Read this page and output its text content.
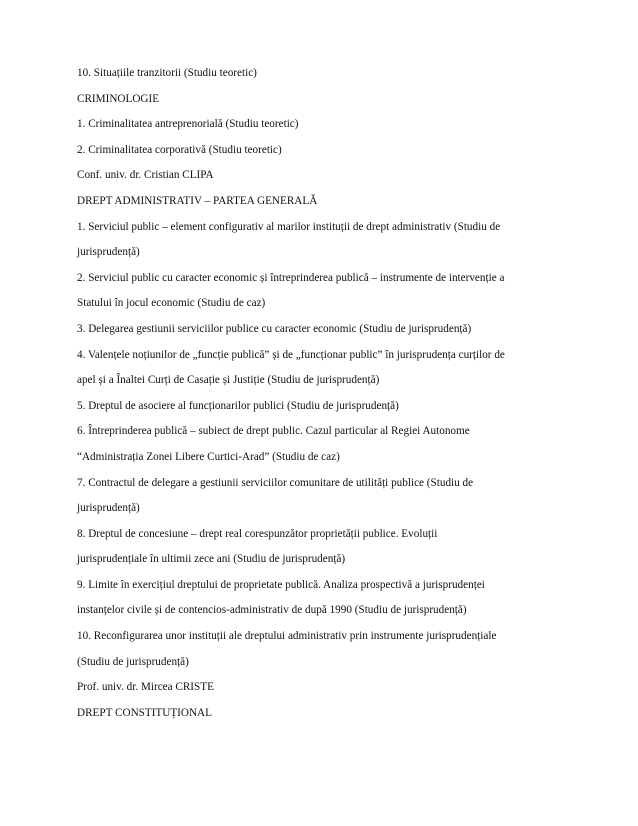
10. Situațiile tranzitorii (Studiu teoretic)
CRIMINOLOGIE
1. Criminalitatea antreprenorială (Studiu teoretic)
2. Criminalitatea corporativă (Studiu teoretic)
Conf. univ. dr. Cristian CLIPA
DREPT ADMINISTRATIV – PARTEA GENERALĂ
1. Serviciul public – element configurativ al marilor instituții de drept administrativ (Studiu de
jurisprudență)
2. Serviciul public cu caracter economic și întreprinderea publică – instrumente de intervenție a
Statului în jocul economic (Studiu de caz)
3. Delegarea gestiunii serviciilor publice cu caracter economic (Studiu de jurisprudență)
4. Valențele noțiunilor de „funcție publică” și de „funcționar public” în jurisprudența curților de
apel și a Înaltei Curți de Casație și Justiție (Studiu de jurisprudență)
5. Dreptul de asociere al funcționarilor publici (Studiu de jurisprudență)
6. Întreprinderea publică – subiect de drept public. Cazul particular al Regiei Autonome
“Administrația Zonei Libere Curtici-Arad” (Studiu de caz)
7. Contractul de delegare a gestiunii serviciilor comunitare de utilități publice (Studiu de
jurisprudență)
8. Dreptul de concesiune – drept real corespunzător proprietății publice. Evoluții
jurisprudențiale în ultimii zece ani (Studiu de jurisprudență)
9. Limite în exercițiul dreptului de proprietate publică. Analiza prospectivă a jurisprudenței
instanțelor civile și de contencios-administrativ de după 1990 (Studiu de jurisprudență)
10. Reconfigurarea unor instituții ale dreptului administrativ prin instrumente jurisprudențiale
(Studiu de jurisprudență)
Prof. univ. dr. Mircea CRISTE
DREPT CONSTITUȚIONAL
